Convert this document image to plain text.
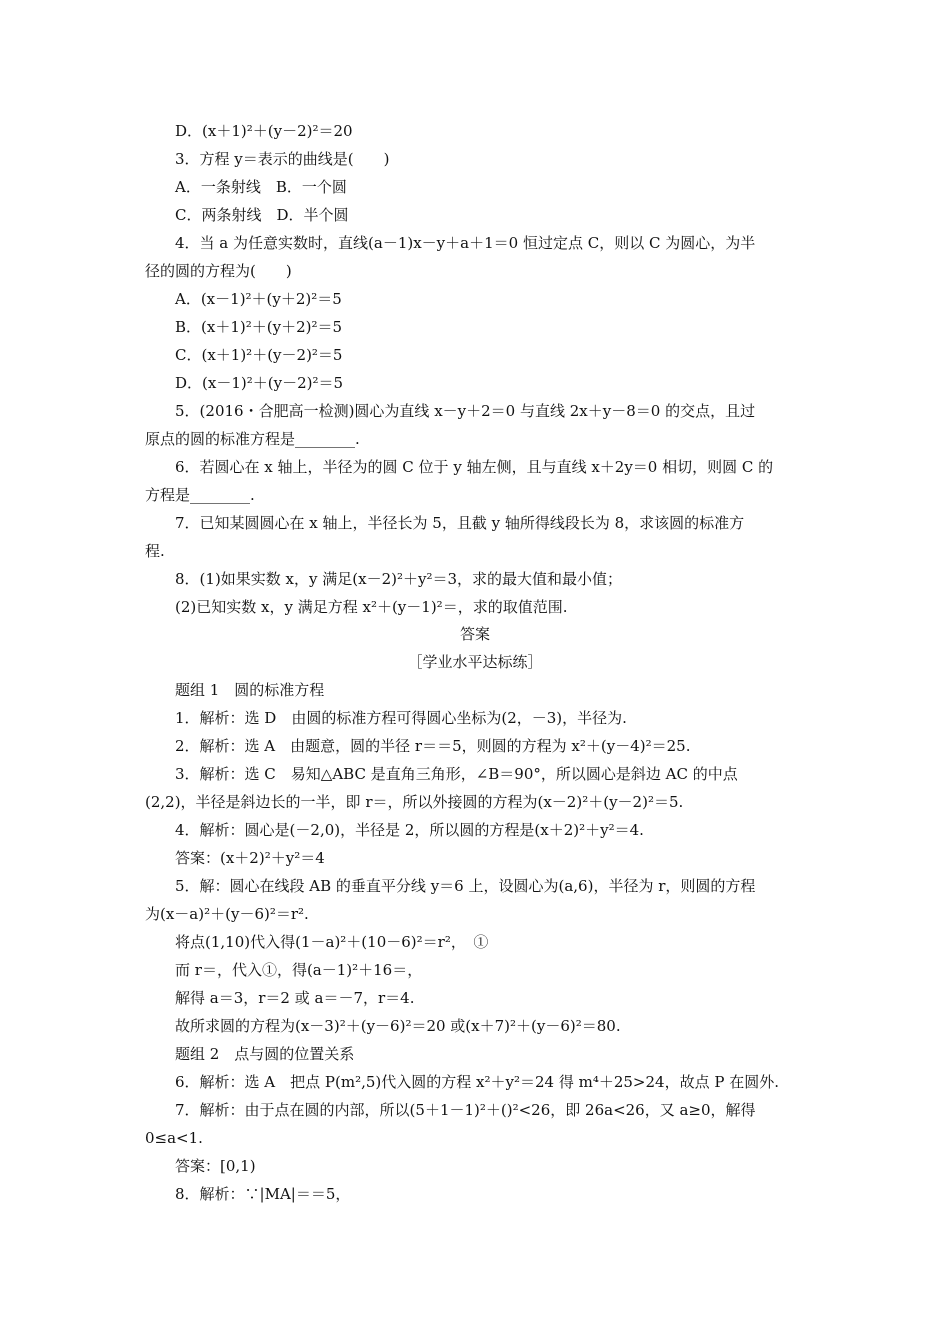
D．(x＋1)²＋(y－2)²＝20
3．方程 y＝表示的曲线是(　　)
A．一条射线　B．一个圆
C．两条射线　D．半个圆
4．当 a 为任意实数时，直线(a－1)x－y＋a＋1＝0 恒过定点 C，则以 C 为圆心，为半
径的圆的方程为(　　)
A．(x－1)²＋(y＋2)²＝5
B．(x＋1)²＋(y＋2)²＝5
C．(x＋1)²＋(y－2)²＝5
D．(x－1)²＋(y－2)²＝5
5．(2016・合肥高一检测)圆心为直线 x－y＋2＝0 与直线 2x＋y－8＝0 的交点，且过
原点的圆的标准方程是________.
6．若圆心在 x 轴上，半径为的圆 C 位于 y 轴左侧，且与直线 x＋2y＝0 相切，则圆 C 的
方程是________.
7．已知某圆圆心在 x 轴上，半径长为 5，且截 y 轴所得线段长为 8，求该圆的标准方
程.
8．(1)如果实数 x，y 满足(x－2)²＋y²＝3，求的最大值和最小值；
(2)已知实数 x，y 满足方程 x²＋(y－1)²＝，求的取值范围.
答案
［学业水平达标练］
题组 1　圆的标准方程
1．解析：选 D　由圆的标准方程可得圆心坐标为(2，－3)，半径为.
2．解析：选 A　由题意，圆的半径 r＝＝5，则圆的方程为 x²＋(y－4)²＝25.
3．解析：选 C　易知△ABC 是直角三角形，∠B＝90°，所以圆心是斜边 AC 的中点
(2,2)，半径是斜边长的一半，即 r＝，所以外接圆的方程为(x－2)²＋(y－2)²＝5.
4．解析：圆心是(－2,0)，半径是 2，所以圆的方程是(x＋2)²＋y²＝4.
答案：(x＋2)²＋y²＝4
5．解：圆心在线段 AB 的垂直平分线 y＝6 上，设圆心为(a,6)，半径为 r，则圆的方程
为(x－a)²＋(y－6)²＝r².
将点(1,10)代入得(1－a)²＋(10－6)²＝r²，　①
而 r＝，代入①，得(a－1)²＋16＝，
解得 a＝3，r＝2 或 a＝－7，r＝4.
故所求圆的方程为(x－3)²＋(y－6)²＝20 或(x＋7)²＋(y－6)²＝80.
题组 2　点与圆的位置关系
6．解析：选 A　把点 P(m²,5)代入圆的方程 x²＋y²＝24 得 m⁴＋25>24，故点 P 在圆外.
7．解析：由于点在圆的内部，所以(5＋1－1)²＋()²<26，即 26a<26，又 a≥0，解得
0≤a<1.
答案：[0,1)
8．解析：∵|MA|＝＝5，
